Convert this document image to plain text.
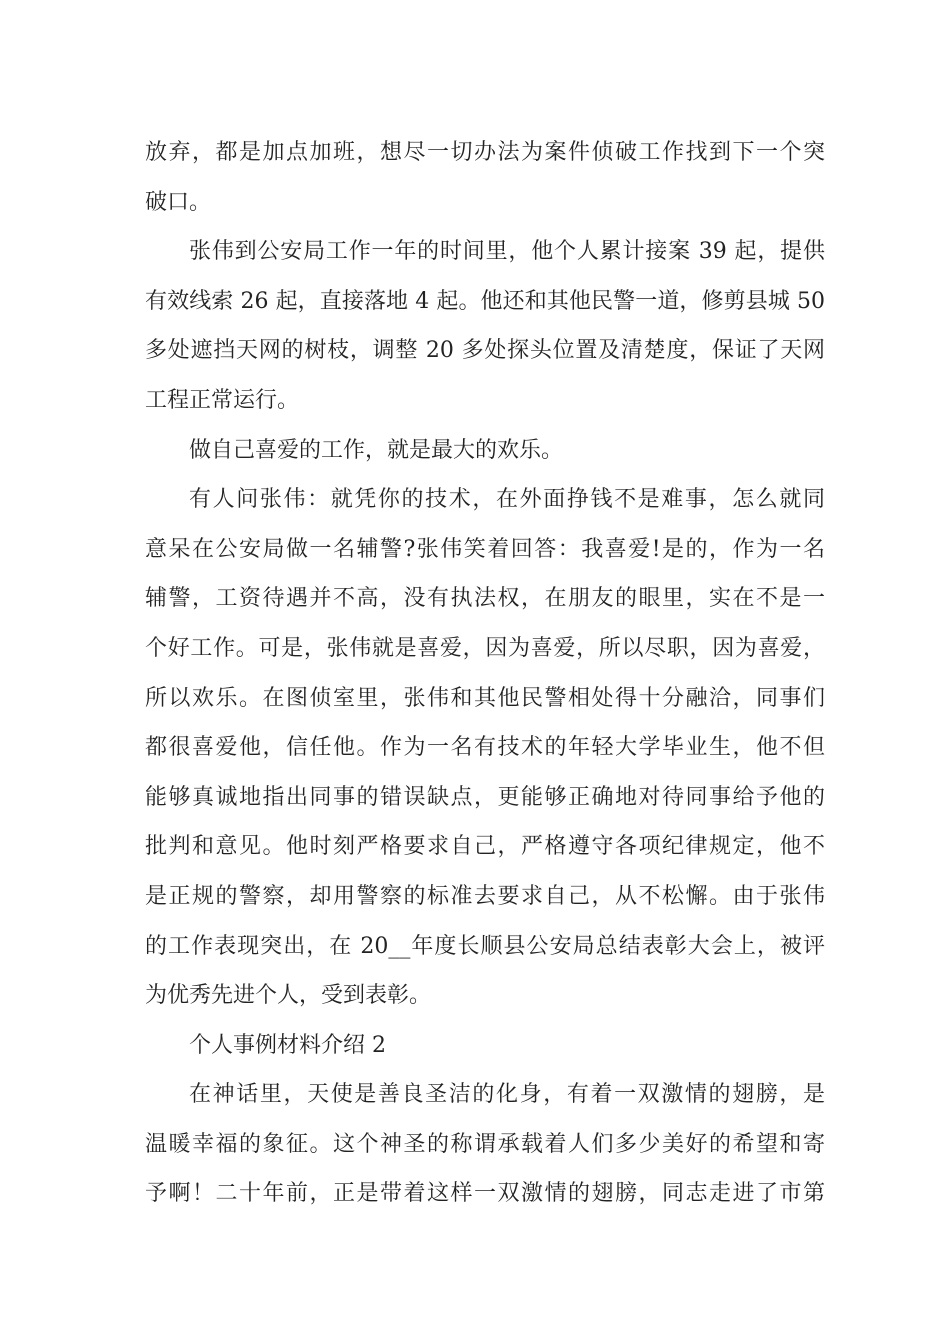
放弃，都是加点加班，想尽一切办法为案件侦破工作找到下一个突
破口。
张伟到公安局工作一年的时间里，他个人累计接案 39 起，提供
有效线索 26 起，直接落地 4 起。他还和其他民警一道，修剪县城 50
多处遮挡天网的树枝，调整 20 多处探头位置及清楚度，保证了天网
工程正常运行。
做自己喜爱的工作，就是最大的欢乐。
有人问张伟：就凭你的技术，在外面挣钱不是难事，怎么就同
意呆在公安局做一名辅警?张伟笑着回答：我喜爱!是的，作为一名
辅警，工资待遇并不高，没有执法权，在朋友的眼里，实在不是一
个好工作。可是，张伟就是喜爱，因为喜爱，所以尽职，因为喜爱，
所以欢乐。在图侦室里，张伟和其他民警相处得十分融洽，同事们
都很喜爱他，信任他。作为一名有技术的年轻大学毕业生，他不但
能够真诚地指出同事的错误缺点，更能够正确地对待同事给予他的
批判和意见。他时刻严格要求自己，严格遵守各项纪律规定，他不
是正规的警察，却用警察的标准去要求自己，从不松懈。由于张伟
的工作表现突出，在 20__年度长顺县公安局总结表彰大会上，被评
为优秀先进个人，受到表彰。
个人事例材料介绍 2
在神话里，天使是善良圣洁的化身，有着一双激情的翅膀，是
温暖幸福的象征。这个神圣的称谓承载着人们多少美好的希望和寄
予啊！二十年前，正是带着这样一双激情的翅膀，同志走进了市第
